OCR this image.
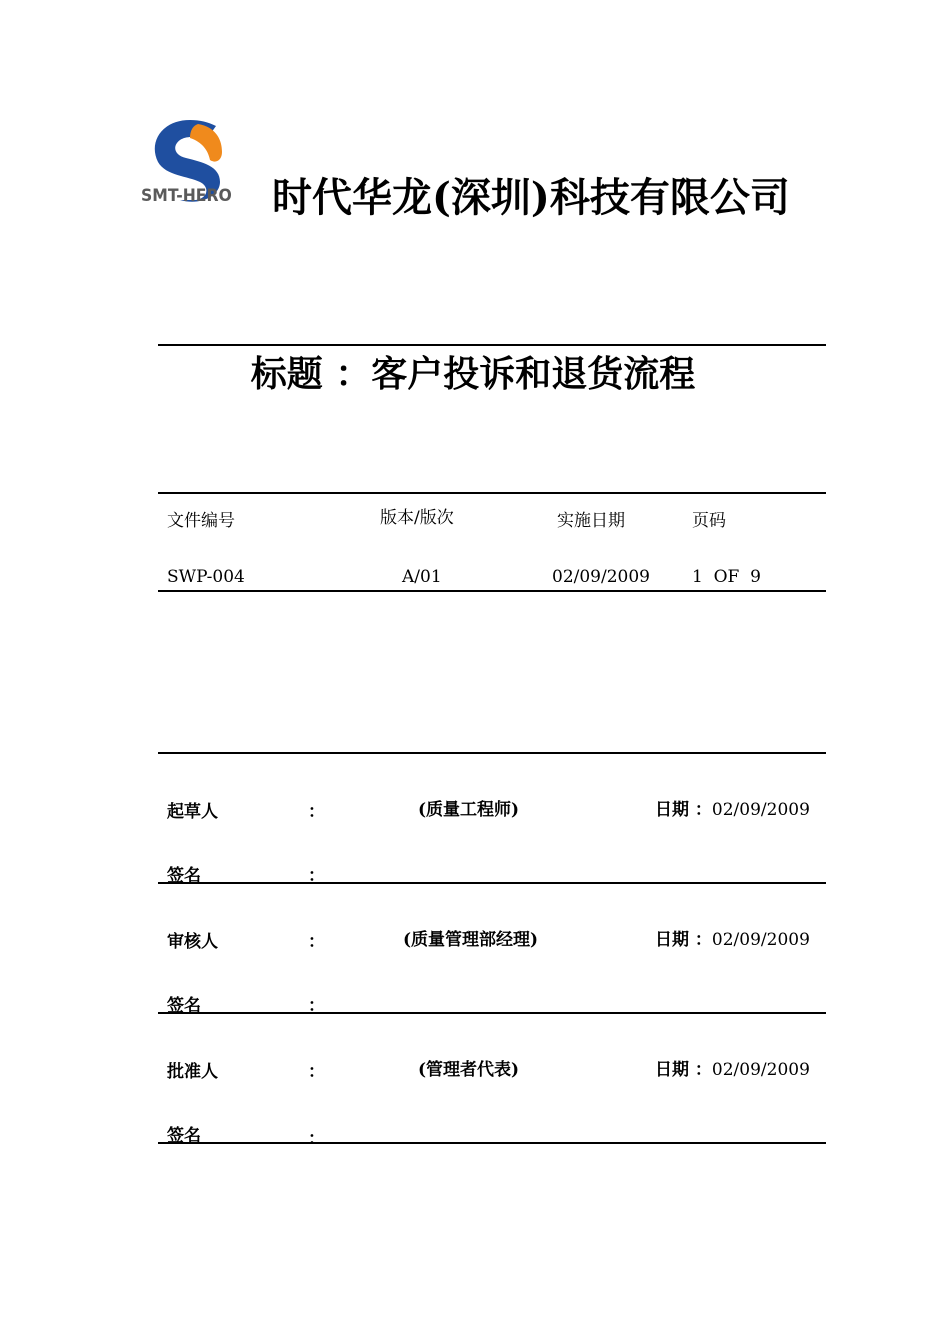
SMT-HERO 时代华龙(深圳)科技有限公司
标题 ：客户投诉和退货流程
文件编号	版本/版次	实施日期	页码
SWP-004	A/01	02/09/2009 1  OF  9
起草人	：	(质量工程师)	日期 ：02/09/2009
签名	：
审核人	：	(质量管理部经理)	日期 ：02/09/2009
签名	：
批准人	：	(管理者代表)	日期 ：02/09/2009
签名	：
